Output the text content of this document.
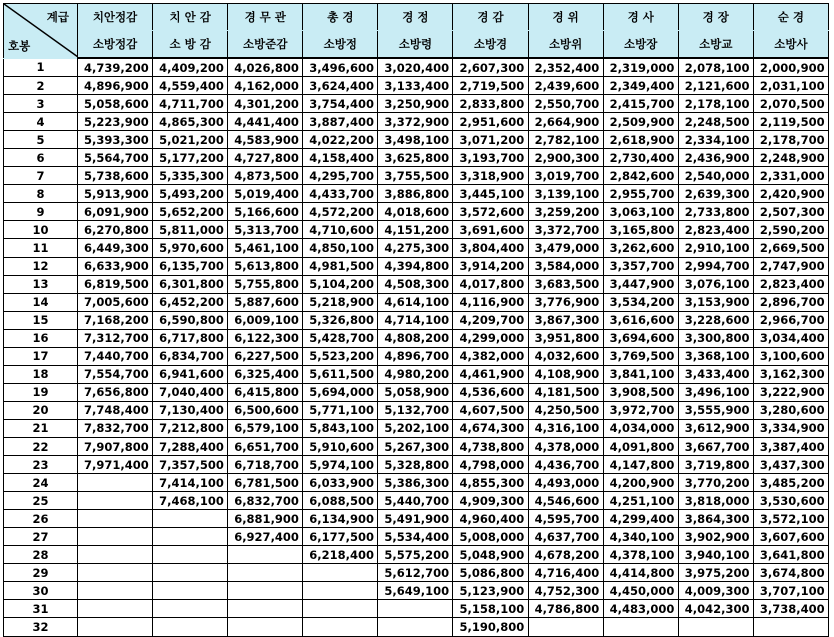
계급
호봉	치안정감	치 안 감	경 무 관	총 경	경 정	경 감	경 위	경 사	경 장	순 경
	소방정감	소 방 감	소방준감	소방정	소방령	소방경	소방위	소방장	소방교	소방사
1	4,739,200	4,409,200	4,026,800	3,496,600	3,020,400	2,607,300	2,352,400	2,319,000	2,078,100	2,000,900
2	4,896,900	4,559,400	4,162,000	3,624,400	3,133,400	2,719,500	2,439,600	2,349,400	2,121,600	2,031,100
3	5,058,600	4,711,700	4,301,200	3,754,400	3,250,900	2,833,800	2,550,700	2,415,700	2,178,100	2,070,500
4	5,223,900	4,865,300	4,441,400	3,887,400	3,372,900	2,951,600	2,664,900	2,509,900	2,248,500	2,119,500
5	5,393,300	5,021,200	4,583,900	4,022,200	3,498,100	3,071,200	2,782,100	2,618,900	2,334,100	2,178,700
6	5,564,700	5,177,200	4,727,800	4,158,400	3,625,800	3,193,700	2,900,300	2,730,400	2,436,900	2,248,900
7	5,738,600	5,335,300	4,873,500	4,295,700	3,755,500	3,318,900	3,019,700	2,842,600	2,540,000	2,331,000
8	5,913,900	5,493,200	5,019,400	4,433,700	3,886,800	3,445,100	3,139,100	2,955,700	2,639,300	2,420,900
9	6,091,900	5,652,200	5,166,600	4,572,200	4,018,600	3,572,600	3,259,200	3,063,100	2,733,800	2,507,300
10	6,270,800	5,811,000	5,313,700	4,710,600	4,151,200	3,691,600	3,372,700	3,165,800	2,823,400	2,590,200
11	6,449,300	5,970,600	5,461,100	4,850,100	4,275,300	3,804,400	3,479,000	3,262,600	2,910,100	2,669,500
12	6,633,900	6,135,700	5,613,800	4,981,500	4,394,800	3,914,200	3,584,000	3,357,700	2,994,700	2,747,900
13	6,819,500	6,301,800	5,755,800	5,104,200	4,508,300	4,017,800	3,683,500	3,447,900	3,076,100	2,823,400
14	7,005,600	6,452,200	5,887,600	5,218,900	4,614,100	4,116,900	3,776,900	3,534,200	3,153,900	2,896,700
15	7,168,200	6,590,800	6,009,100	5,326,800	4,714,100	4,209,700	3,867,300	3,616,600	3,228,600	2,966,700
16	7,312,700	6,717,800	6,122,300	5,428,700	4,808,200	4,299,000	3,951,800	3,694,600	3,300,800	3,034,400
17	7,440,700	6,834,700	6,227,500	5,523,200	4,896,700	4,382,000	4,032,600	3,769,500	3,368,100	3,100,600
18	7,554,700	6,941,600	6,325,400	5,611,500	4,980,200	4,461,900	4,108,900	3,841,100	3,433,400	3,162,300
19	7,656,800	7,040,400	6,415,800	5,694,000	5,058,900	4,536,600	4,181,500	3,908,500	3,496,100	3,222,900
20	7,748,400	7,130,400	6,500,600	5,771,100	5,132,700	4,607,500	4,250,500	3,972,700	3,555,900	3,280,600
21	7,832,700	7,212,800	6,579,100	5,843,100	5,202,100	4,674,300	4,316,100	4,034,000	3,612,900	3,334,900
22	7,907,800	7,288,400	6,651,700	5,910,600	5,267,300	4,738,800	4,378,000	4,091,800	3,667,700	3,387,400
23	7,971,400	7,357,500	6,718,700	5,974,100	5,328,800	4,798,000	4,436,700	4,147,800	3,719,800	3,437,300
24		7,414,100	6,781,500	6,033,900	5,386,300	4,855,300	4,493,000	4,200,900	3,770,200	3,485,200
25		7,468,100	6,832,700	6,088,500	5,440,700	4,909,300	4,546,600	4,251,100	3,818,000	3,530,600
26			6,881,900	6,134,900	5,491,900	4,960,400	4,595,700	4,299,400	3,864,300	3,572,100
27			6,927,400	6,177,500	5,534,400	5,008,000	4,637,700	4,340,100	3,902,900	3,607,600
28				6,218,400	5,575,200	5,048,900	4,678,200	4,378,100	3,940,100	3,641,800
29					5,612,700	5,086,800	4,716,400	4,414,800	3,975,200	3,674,800
30					5,649,100	5,123,900	4,752,300	4,450,000	4,009,300	3,707,100
31						5,158,100	4,786,800	4,483,000	4,042,300	3,738,400
32						5,190,800				
